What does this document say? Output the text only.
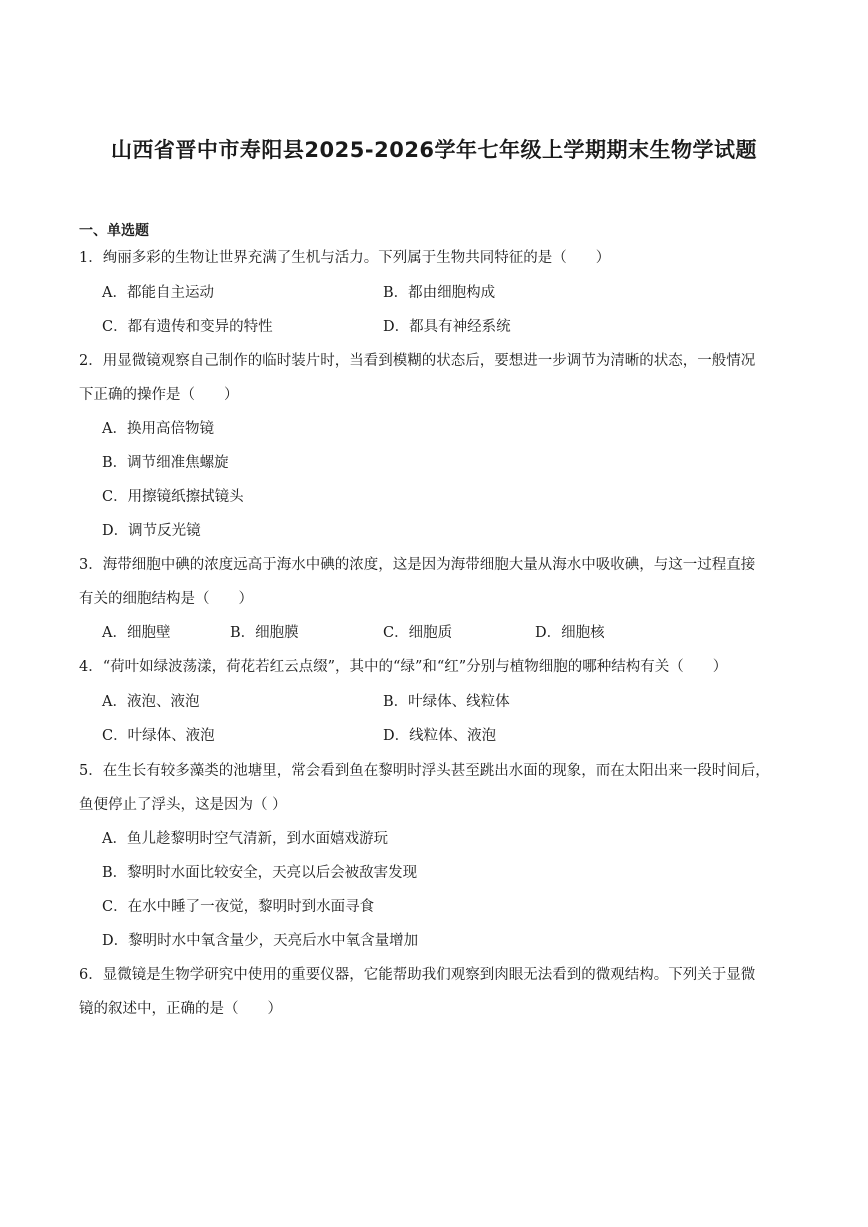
山西省晋中市寿阳县2025-2026学年七年级上学期期末生物学试题
一、单选题
1．绚丽多彩的生物让世界充满了生机与活力。下列属于生物共同特征的是（　　）
A．都能自主运动	B．都由细胞构成
C．都有遗传和变异的特性	D．都具有神经系统
2．用显微镜观察自己制作的临时装片时，当看到模糊的状态后，要想进一步调节为清晰的状态，一般情况
下正确的操作是（　　）
A．换用高倍物镜
B．调节细准焦螺旋
C．用擦镜纸擦拭镜头
D．调节反光镜
3．海带细胞中碘的浓度远高于海水中碘的浓度，这是因为海带细胞大量从海水中吸收碘，与这一过程直接
有关的细胞结构是（　　）
A．细胞壁	B．细胞膜	C．细胞质	D．细胞核
4．“荷叶如绿波荡漾，荷花若红云点缀”，其中的“绿”和“红”分别与植物细胞的哪种结构有关（　　）
A．液泡、液泡	B．叶绿体、线粒体
C．叶绿体、液泡	D．线粒体、液泡
5．在生长有较多藻类的池塘里，常会看到鱼在黎明时浮头甚至跳出水面的现象，而在太阳出来一段时间后，
鱼便停止了浮头，这是因为（ ）
A．鱼儿趁黎明时空气清新，到水面嬉戏游玩
B．黎明时水面比较安全，天亮以后会被敌害发现
C．在水中睡了一夜觉，黎明时到水面寻食
D．黎明时水中氧含量少，天亮后水中氧含量增加
6．显微镜是生物学研究中使用的重要仪器，它能帮助我们观察到肉眼无法看到的微观结构。下列关于显微
镜的叙述中，正确的是（　　）
